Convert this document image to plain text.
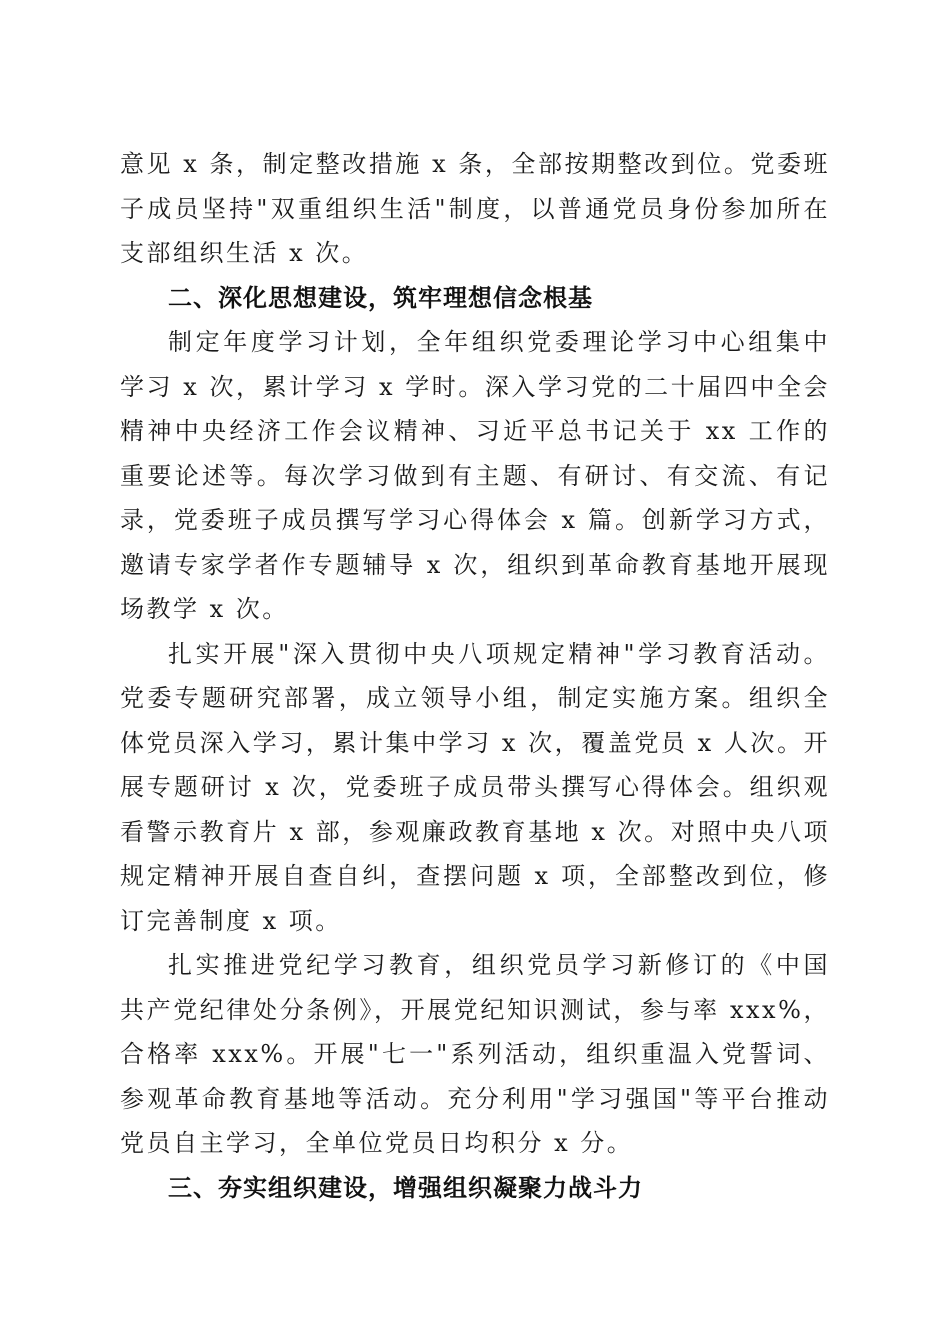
意见 x 条，制定整改措施 x 条，全部按期整改到位。党委班子成员坚持"双重组织生活"制度，以普通党员身份参加所在支部组织生活 x 次。

二、深化思想建设，筑牢理想信念根基

制定年度学习计划，全年组织党委理论学习中心组集中学习 x 次，累计学习 x 学时。深入学习党的二十届四中全会精神中央经济工作会议精神、习近平总书记关于 xx 工作的重要论述等。每次学习做到有主题、有研讨、有交流、有记录，党委班子成员撰写学习心得体会 x 篇。创新学习方式，邀请专家学者作专题辅导 x 次，组织到革命教育基地开展现场教学 x 次。

扎实开展"深入贯彻中央八项规定精神"学习教育活动。党委专题研究部署，成立领导小组，制定实施方案。组织全体党员深入学习，累计集中学习 x 次，覆盖党员 x 人次。开展专题研讨 x 次，党委班子成员带头撰写心得体会。组织观看警示教育片 x 部，参观廉政教育基地 x 次。对照中央八项规定精神开展自查自纠，查摆问题 x 项，全部整改到位，修订完善制度 x 项。

扎实推进党纪学习教育，组织党员学习新修订的《中国共产党纪律处分条例》，开展党纪知识测试，参与率 xxx%，合格率 xxx%。开展"七一"系列活动，组织重温入党誓词、参观革命教育基地等活动。充分利用"学习强国"等平台推动党员自主学习，全单位党员日均积分 x 分。

三、夯实组织建设，增强组织凝聚力战斗力
